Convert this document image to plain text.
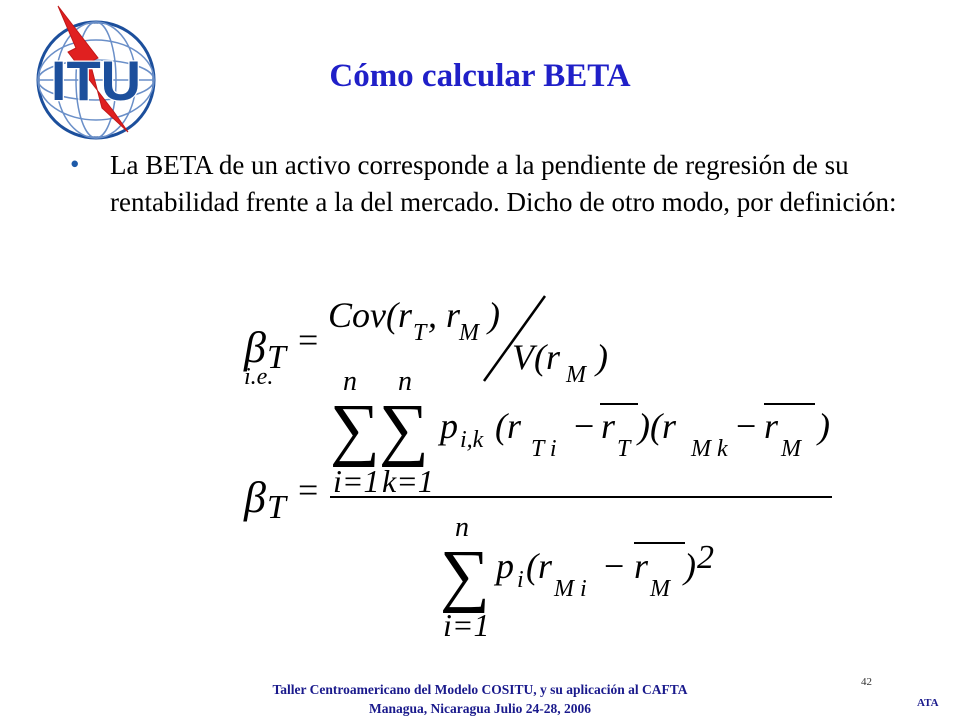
ITU	Cómo calcular BETA
• La BETA de un activo corresponde a la pendiente de regresión de su rentabilidad frente a la del mercado. Dicho de otro modo, por definición:
β T
i.e.
=
Cov(r T , r
M )
V(r M )
β T =
n n
∑ ∑
i=1 k=1
p i,k (r
T i
− r
T
)(r
M k
− r
M
)
n
∑
i=1
p i (r
M i
− r
M
) 2
42
Taller Centroamericano del Modelo COSITU, y su aplicación al CAFTA
Managua, Nicaragua Julio 24-28, 2006	ATA
